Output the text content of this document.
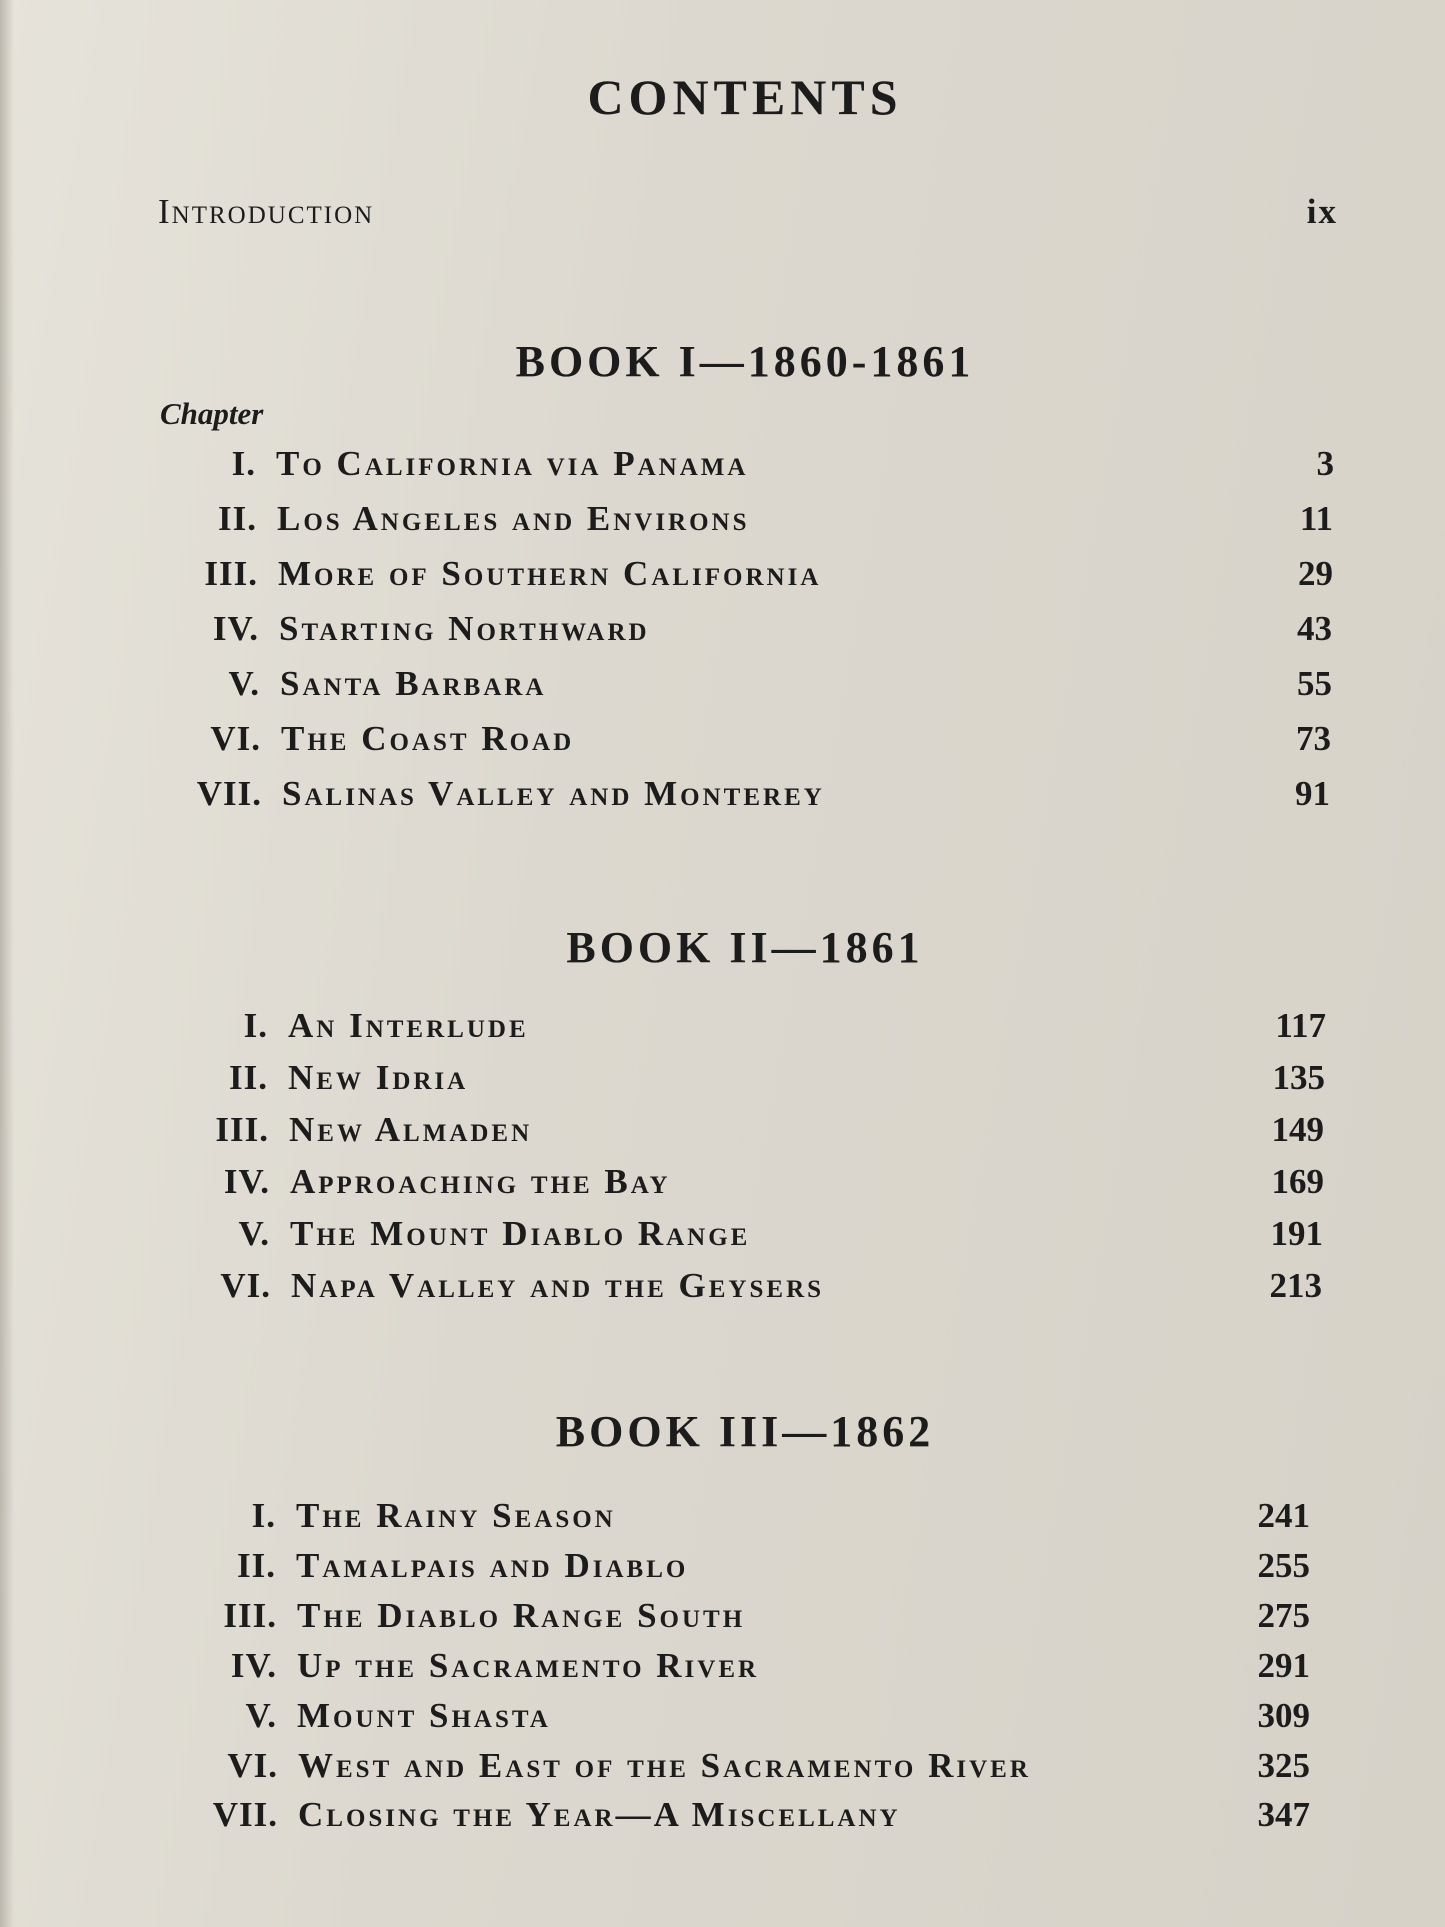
CONTENTS
Introduction	ix
BOOK I—1860-1861
Chapter
I. To California via Panama	3
II. Los Angeles and Environs	11
III. More of Southern California	29
IV. Starting Northward	43
V. Santa Barbara	55
VI. The Coast Road	73
VII. Salinas Valley and Monterey	91
BOOK II—1861
I. An Interlude	117
II. New Idria	135
III. New Almaden	149
IV. Approaching the Bay	169
V. The Mount Diablo Range	191
VI. Napa Valley and the Geysers	213
BOOK III—1862
I. The Rainy Season	241
II. Tamalpais and Diablo	255
III. The Diablo Range South	275
IV. Up the Sacramento River	291
V. Mount Shasta	309
VI. West and East of the Sacramento River	325
VII. Closing the Year—A Miscellany	347
